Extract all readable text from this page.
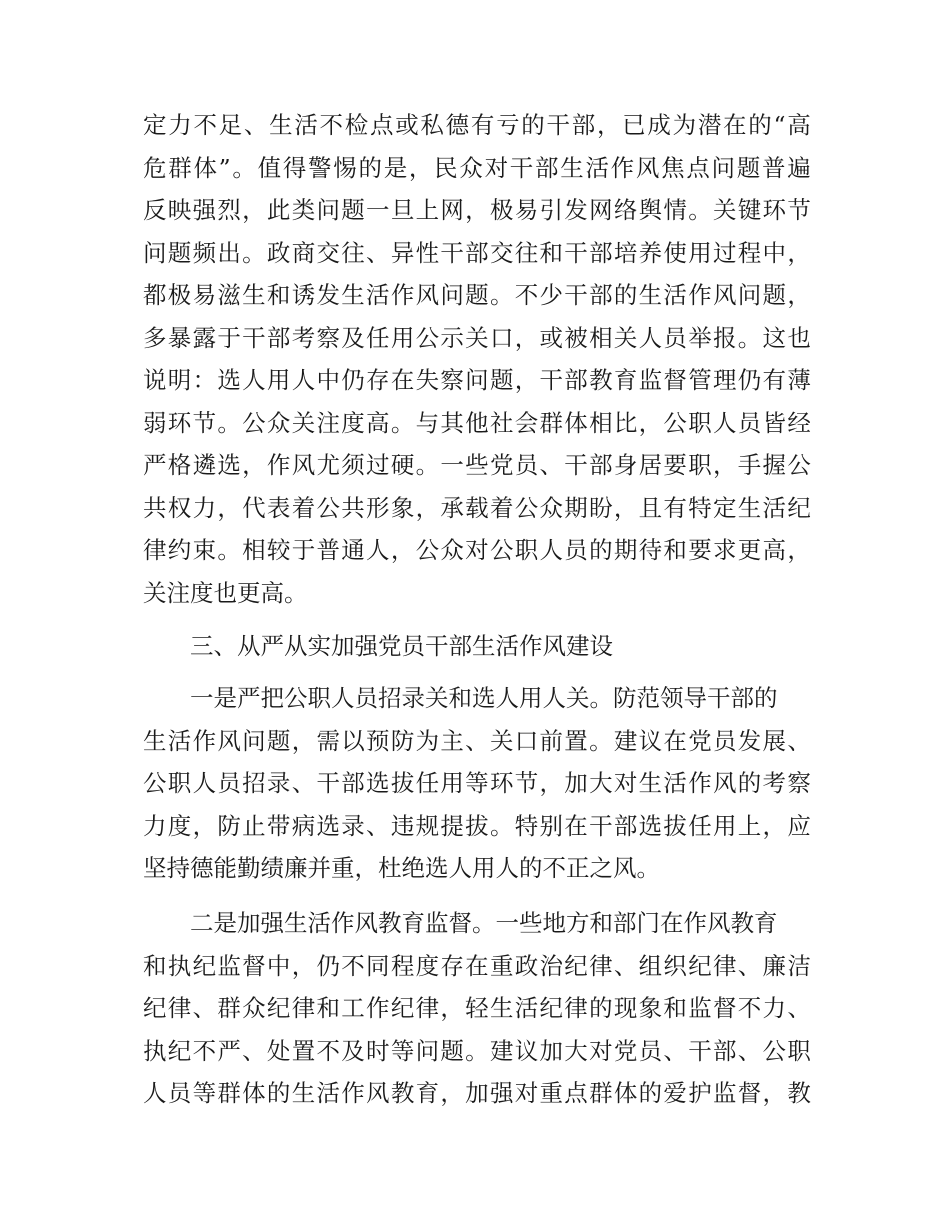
定 力 不 足 、 生 活 不 检 点 或 私 德 有 亏 的 干 部 ， 已 成 为 潜 在 的 “ 高
危 群 体 ” 。 值 得 警 惕 的 是 ， 民 众 对 干 部 生 活 作 风 焦 点 问 题 普 遍
反 映 强 烈 ， 此 类 问 题 一 旦 上 网 ， 极 易 引 发 网 络 舆 情 。 关 键 环 节
问 题 频 出 。 政 商 交 往 、 异 性 干 部 交 往 和 干 部 培 养 使 用 过 程 中 ，
都 极 易 滋 生 和 诱 发 生 活 作 风 问 题 。 不 少 干 部 的 生 活 作 风 问 题 ，
多 暴 露 于 干 部 考 察 及 任 用 公 示 关 口 ， 或 被 相 关 人 员 举 报 。 这 也
说 明 ： 选 人 用 人 中 仍 存 在 失 察 问 题 ， 干 部 教 育 监 督 管 理 仍 有 薄
弱 环 节 。 公 众 关 注 度 高 。 与 其 他 社 会 群 体 相 比 ， 公 职 人 员 皆 经
严 格 遴 选 ， 作 风 尤 须 过 硬 。 一 些 党 员 、 干 部 身 居 要 职 ， 手 握 公
共 权 力 ， 代 表 着 公 共 形 象 ， 承 载 着 公 众 期 盼 ， 且 有 特 定 生 活 纪
律 约 束 。 相 较 于 普 通 人 ， 公 众 对 公 职 人 员 的 期 待 和 要 求 更 高 ，
关注度也更高。
三、从严从实加强党员干部生活作风建设
一是严把公职人员招录关和选人用人关。防范领导干部的
生 活 作 风 问 题 ， 需 以 预 防 为 主 、 关 口 前 置 。 建 议 在 党 员 发 展 、
公 职 人 员 招 录 、 干 部 选 拔 任 用 等 环 节 ， 加 大 对 生 活 作 风 的 考 察
力 度 ， 防 止 带 病 选 录 、 违 规 提 拔 。 特 别 在 干 部 选 拔 任 用 上 ， 应
坚持德能勤绩廉并重，杜绝选人用人的不正之风。
二是加强生活作风教育监督。一些地方和部门在作风教育
和 执 纪 监 督 中 ， 仍 不 同 程 度 存 在 重 政 治 纪 律 、 组 织 纪 律 、 廉 洁
纪 律 、 群 众 纪 律 和 工 作 纪 律 ， 轻 生 活 纪 律 的 现 象 和 监 督 不 力 、
执 纪 不 严 、 处 置 不 及 时 等 问 题 。 建 议 加 大 对 党 员 、 干 部 、 公 职
人 员 等 群 体 的 生 活 作 风 教 育 ， 加 强 对 重 点 群 体 的 爱 护 监 督 ， 教
